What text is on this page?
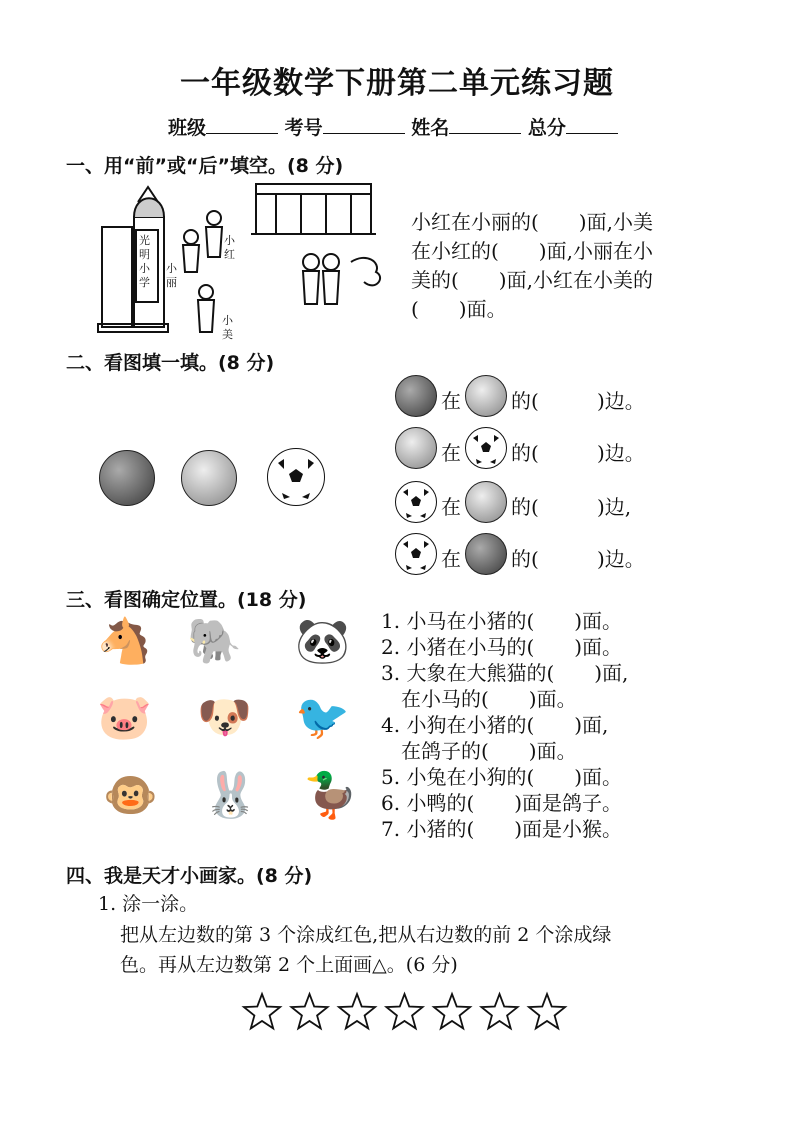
一年级数学下册第二单元练习题
班级	考号	姓名	总分
一、用“前”或“后”填空。(8 分)
光明小学
小红
小丽
小美
小红在小丽的(　　)面,小美
在小红的(　　)面,小丽在小
美的(　　)面,小红在小美的
(　　)面。
二、看图填一填。(8 分)
在	的(	)边。
在	的(	)边。
在	的(	)边,
在	的(	)边。
三、看图确定位置。(18 分)
🐴 🐘 🐼
🐷 🐶 🐦
🐵 🐰 🦆
1. 小马在小猪的(　　)面。
2. 小猪在小马的(　　)面。
3. 大象在大熊猫的(　　)面,
　在小马的(　　)面。
4. 小狗在小猪的(　　)面,
　在鸽子的(　　)面。
5. 小兔在小狗的(　　)面。
6. 小鸭的(　　)面是鸽子。
7. 小猪的(　　)面是小猴。
四、我是天才小画家。(8 分)
1. 涂一涂。
把从左边数的第 3 个涂成红色,把从右边数的前 2 个涂成绿
色。再从左边数第 2 个上面画△。(6 分)
